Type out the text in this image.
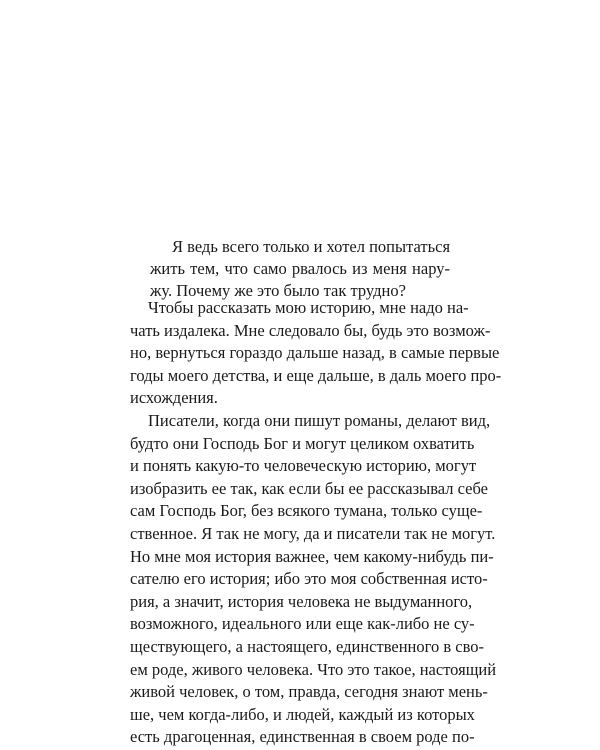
Я ведь всего только и хотел попытаться
жить тем, что само рвалось из меня нару-
жу. Почему же это было так трудно?
Чтобы рассказать мою историю, мне надо на-
чать издалека. Мне следовало бы, будь это возмож-
но, вернуться гораздо дальше назад, в самые первые
годы моего детства, и еще дальше, в даль моего про-
исхождения.
Писатели, когда они пишут романы, делают вид,
будто они Господь Бог и могут целиком охватить
и понять какую-то человеческую историю, могут
изобразить ее так, как если бы ее рассказывал себе
сам Господь Бог, без всякого тумана, только суще-
ственное. Я так не могу, да и писатели так не могут.
Но мне моя история важнее, чем какому-нибудь пи-
сателю его история; ибо это моя собственная исто-
рия, а значит, история человека не выдуманного,
возможного, идеального или еще как-либо не су-
ществующего, а настоящего, единственного в сво-
ем роде, живого человека. Что это такое, настоящий
живой человек, о том, правда, сегодня знают мень-
ше, чем когда-либо, и людей, каждый из которых
есть драгоценная, единственная в своем роде по-
